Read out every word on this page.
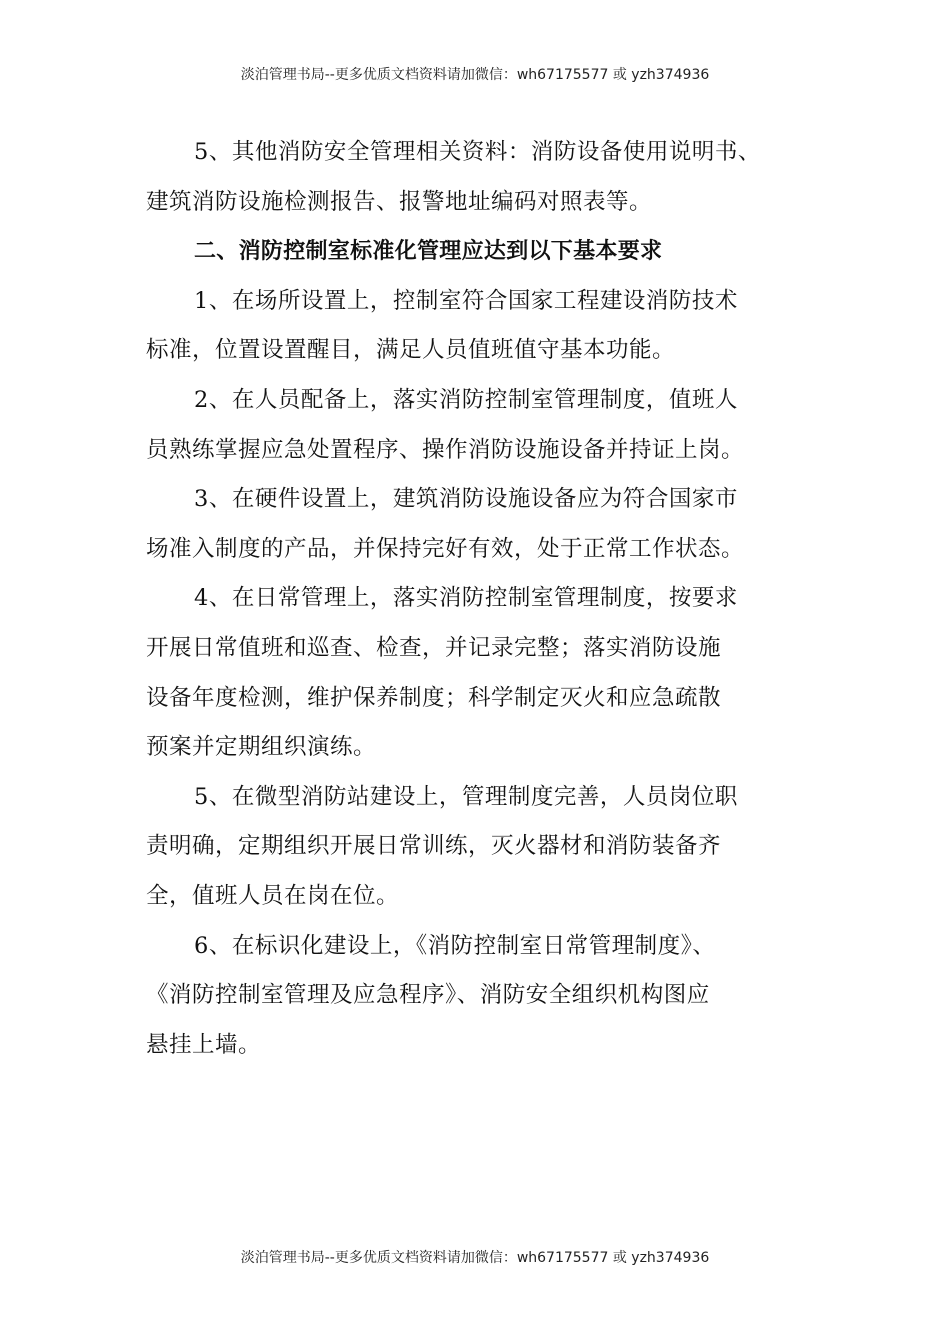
淡泊管理书局--更多优质文档资料请加微信：wh67175577 或 yzh374936
5、其他消防安全管理相关资料：消防设备使用说明书、
建筑消防设施检测报告、报警地址编码对照表等。
二、消防控制室标准化管理应达到以下基本要求
1、在场所设置上，控制室符合国家工程建设消防技术
标准，位置设置醒目，满足人员值班值守基本功能。
2、在人员配备上，落实消防控制室管理制度，值班人
员熟练掌握应急处置程序、操作消防设施设备并持证上岗。
3、在硬件设置上，建筑消防设施设备应为符合国家市
场准入制度的产品，并保持完好有效，处于正常工作状态。
4、在日常管理上，落实消防控制室管理制度，按要求
开展日常值班和巡查、检查，并记录完整；落实消防设施
设备年度检测，维护保养制度；科学制定灭火和应急疏散
预案并定期组织演练。
5、在微型消防站建设上，管理制度完善，人员岗位职
责明确，定期组织开展日常训练，灭火器材和消防装备齐
全，值班人员在岗在位。
6、在标识化建设上，《消防控制室日常管理制度》、
《消防控制室管理及应急程序》、消防安全组织机构图应
悬挂上墙。
淡泊管理书局--更多优质文档资料请加微信：wh67175577 或 yzh374936
